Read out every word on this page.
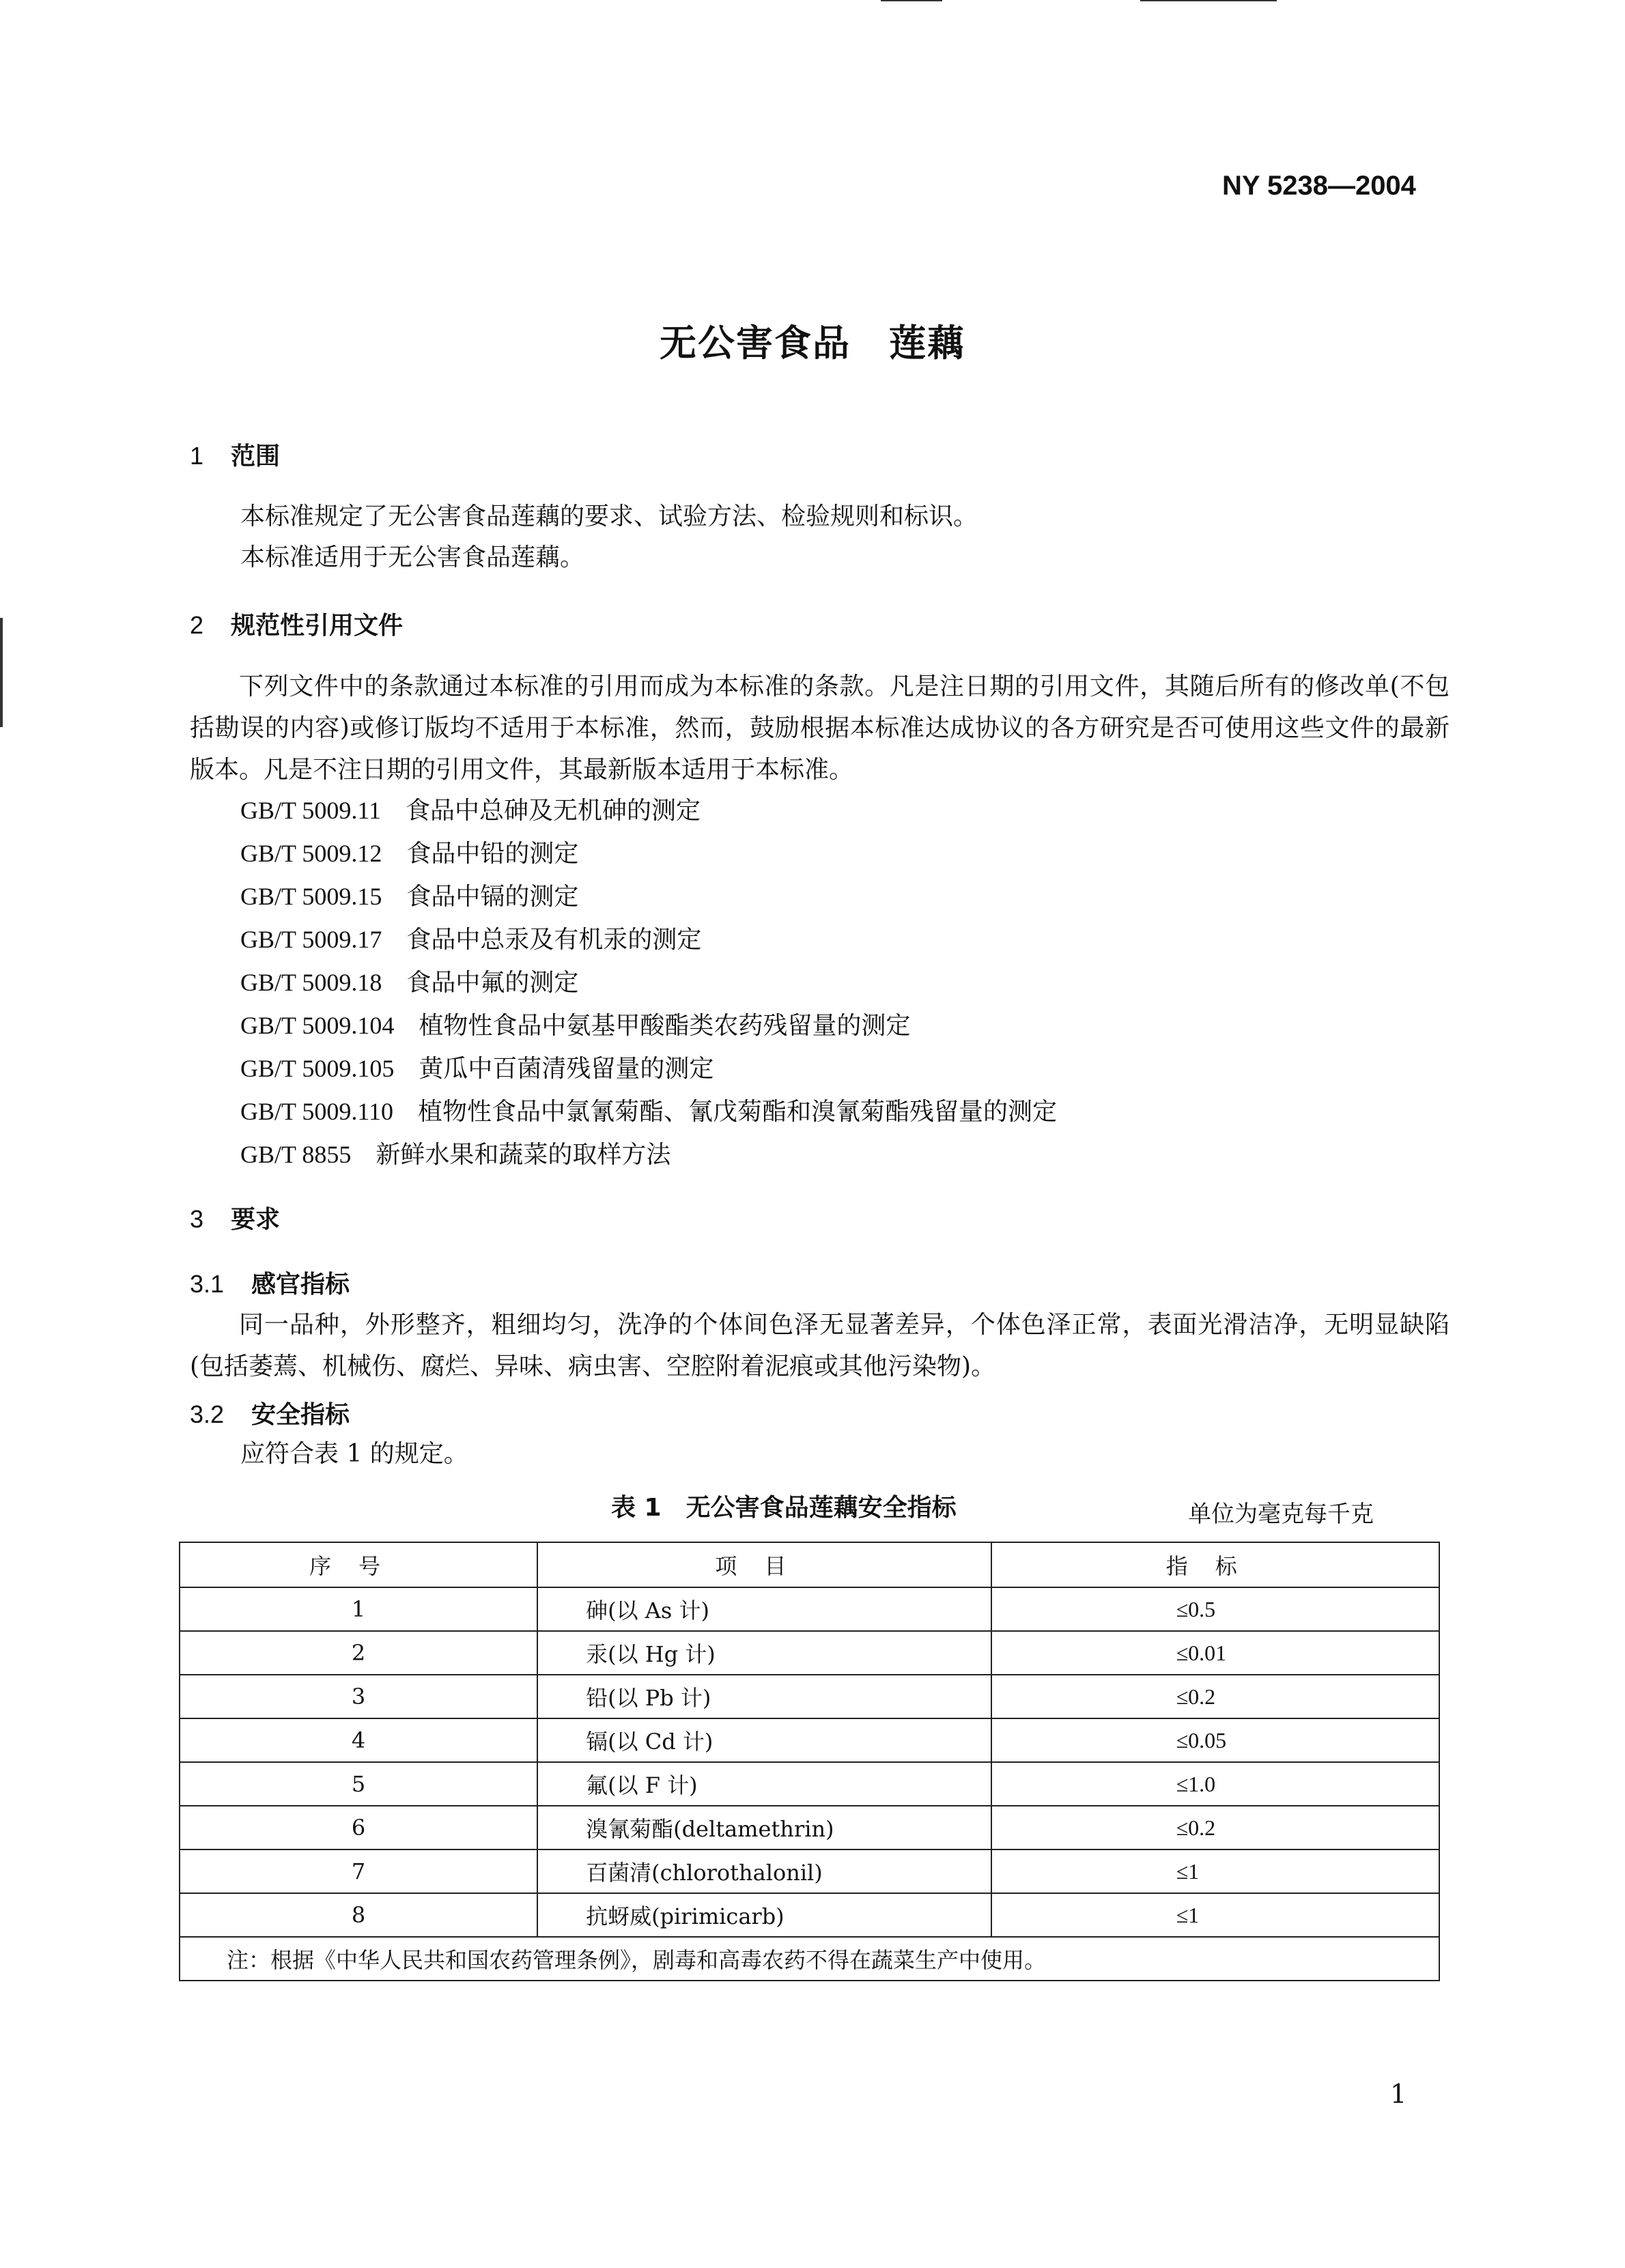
NY 5238—2004
无公害食品　莲藕
1 范围
本标准规定了无公害食品莲藕的要求、试验方法、检验规则和标识。
本标准适用于无公害食品莲藕。
2 规范性引用文件

下列文件中的条款通过本标准的引用而成为本标准的条款。凡是注日期的引用文件，其随后所有的修改单(不包括勘误的内容)或修订版均不适用于本标准，然而，鼓励根据本标准达成协议的各方研究是否可使用这些文件的最新版本。凡是不注日期的引用文件，其最新版本适用于本标准。

GB/T 5009.11　 食品中总砷及无机砷的测定
GB/T 5009.12　 食品中铅的测定
GB/T 5009.15　 食品中镉的测定
GB/T 5009.17　 食品中总汞及有机汞的测定
GB/T 5009.18　 食品中氟的测定
GB/T 5009.104　 植物性食品中氨基甲酸酯类农药残留量的测定
GB/T 5009.105　 黄瓜中百菌清残留量的测定
GB/T 5009.110　 植物性食品中氯氰菊酯、氰戊菊酯和溴氰菊酯残留量的测定
GB/T 8855　 新鲜水果和蔬菜的取样方法
3 要求
3.1 感官指标

同一品种，外形整齐，粗细均匀，洗净的个体间色泽无显著差异，个体色泽正常，表面光滑洁净，无明显缺陷(包括萎蔫、机械伤、腐烂、异味、病虫害、空腔附着泥痕或其他污染物)。

3.2 安全指标
应符合表 1 的规定。
表 1　无公害食品莲藕安全指标	单位为毫克每千克
序号	项目	指标
1	砷(以 As 计)	≤0.5
2	汞(以 Hg 计)	≤0.01
3	铅(以 Pb 计)	≤0.2
4	镉(以 Cd 计)	≤0.05
5	氟(以 F 计)	≤1.0
6	溴氰菊酯(deltamethrin)	≤0.2
7	百菌清(chlorothalonil)	≤1
8	抗蚜威(pirimicarb)	≤1
注：根据《中华人民共和国农药管理条例》，剧毒和高毒农药不得在蔬菜生产中使用。		
1
